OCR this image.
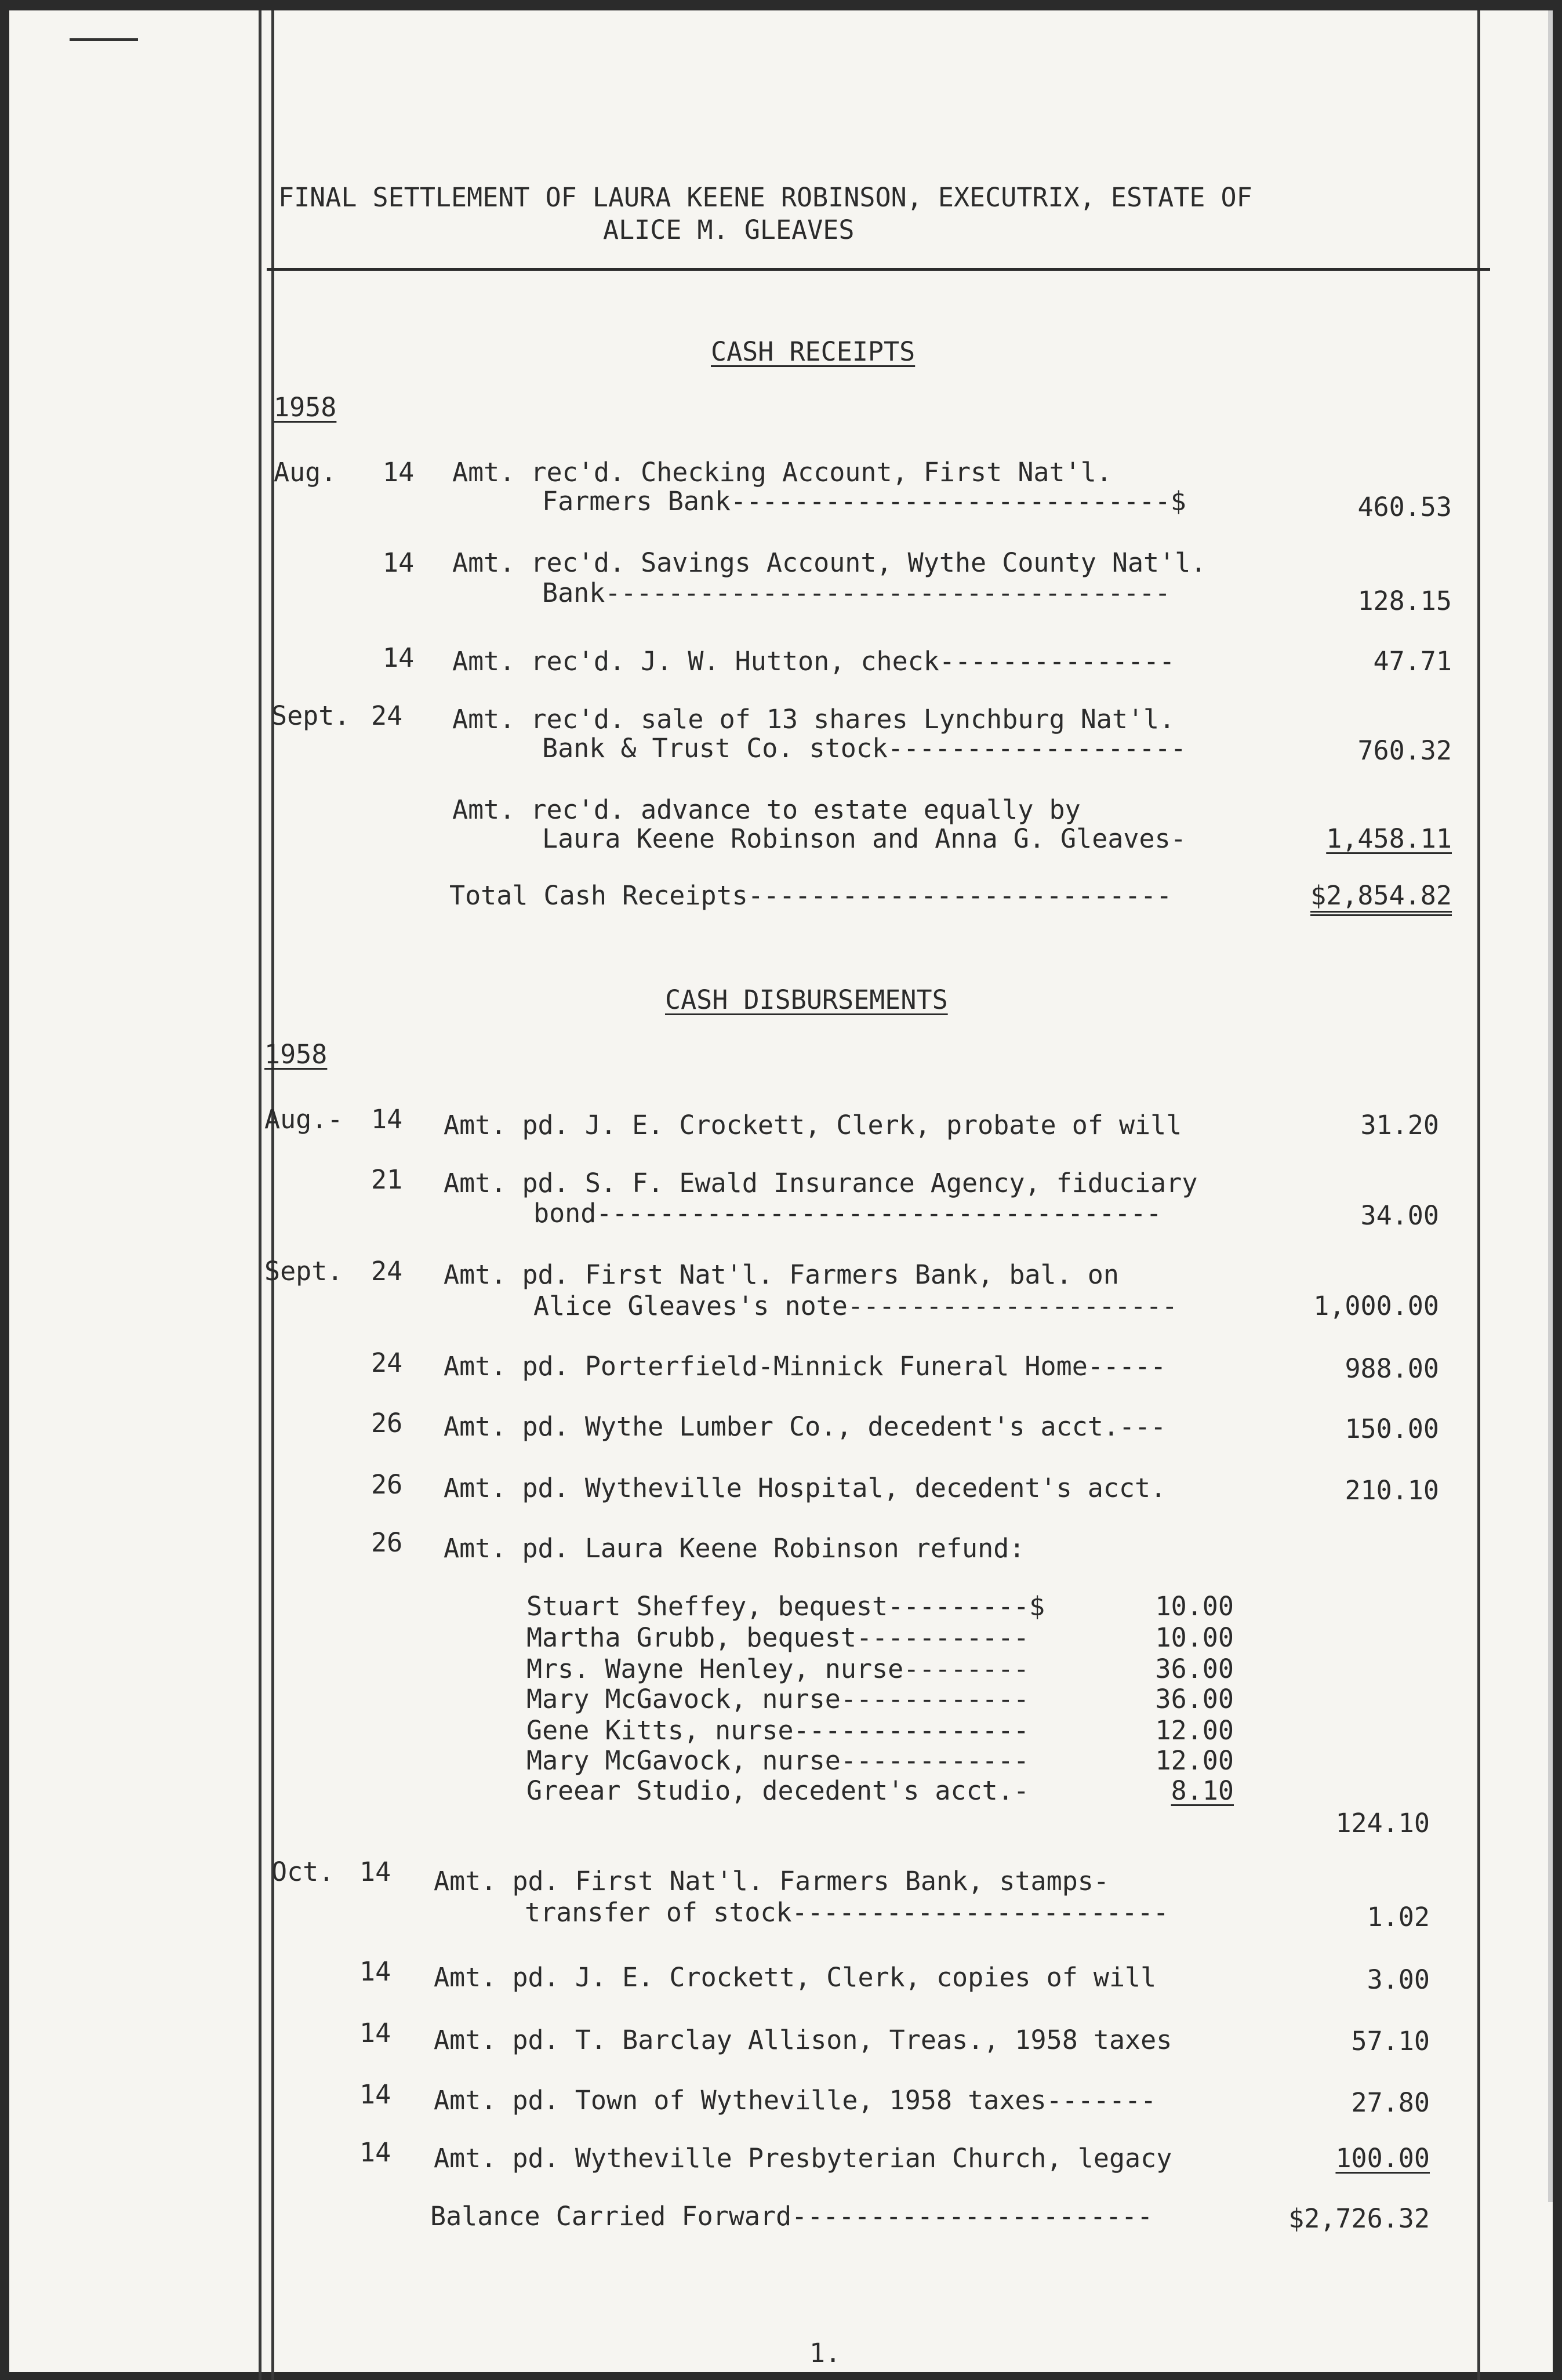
FINAL SETTLEMENT OF LAURA KEENE ROBINSON, EXECUTRIX, ESTATE OF
ALICE M. GLEAVES
CASH RECEIPTS
1958
Aug. 14 Amt. rec'd. Checking Account, First Nat'l.
Farmers Bank----------------------------$	460.53
14 Amt. rec'd. Savings Account, Wythe County Nat'l.
Bank------------------------------------	128.15
14 Amt. rec'd. J. W. Hutton, check---------------	47.71
Sept. 24 Amt. rec'd. sale of 13 shares Lynchburg Nat'l.
Bank & Trust Co. stock-------------------	760.32
Amt. rec'd. advance to estate equally by
Laura Keene Robinson and Anna G. Gleaves-	1,458.11
Total Cash Receipts---------------------------	$2,854.82
CASH DISBURSEMENTS
1958
Aug.- 14 Amt. pd. J. E. Crockett, Clerk, probate of will	31.20
21 Amt. pd. S. F. Ewald Insurance Agency, fiduciary
bond------------------------------------	34.00
Sept. 24 Amt. pd. First Nat'l. Farmers Bank, bal. on
Alice Gleaves's note---------------------	1,000.00
24 Amt. pd. Porterfield-Minnick Funeral Home-----	988.00
26 Amt. pd. Wythe Lumber Co., decedent's acct.---	150.00
26 Amt. pd. Wytheville Hospital, decedent's acct.	210.10
26 Amt. pd. Laura Keene Robinson refund:
Stuart Sheffey, bequest---------$	10.00
Martha Grubb, bequest-----------	10.00
Mrs. Wayne Henley, nurse--------	36.00
Mary McGavock, nurse------------	36.00
Gene Kitts, nurse---------------	12.00
Mary McGavock, nurse------------	12.00
Greear Studio, decedent's acct.-	8.10
124.10
Oct. 14 Amt. pd. First Nat'l. Farmers Bank, stamps-
transfer of stock------------------------	1.02
14 Amt. pd. J. E. Crockett, Clerk, copies of will	3.00
14 Amt. pd. T. Barclay Allison, Treas., 1958 taxes	57.10
14 Amt. pd. Town of Wytheville, 1958 taxes-------	27.80
14 Amt. pd. Wytheville Presbyterian Church, legacy	100.00
Balance Carried Forward-----------------------	$2,726.32
1.
